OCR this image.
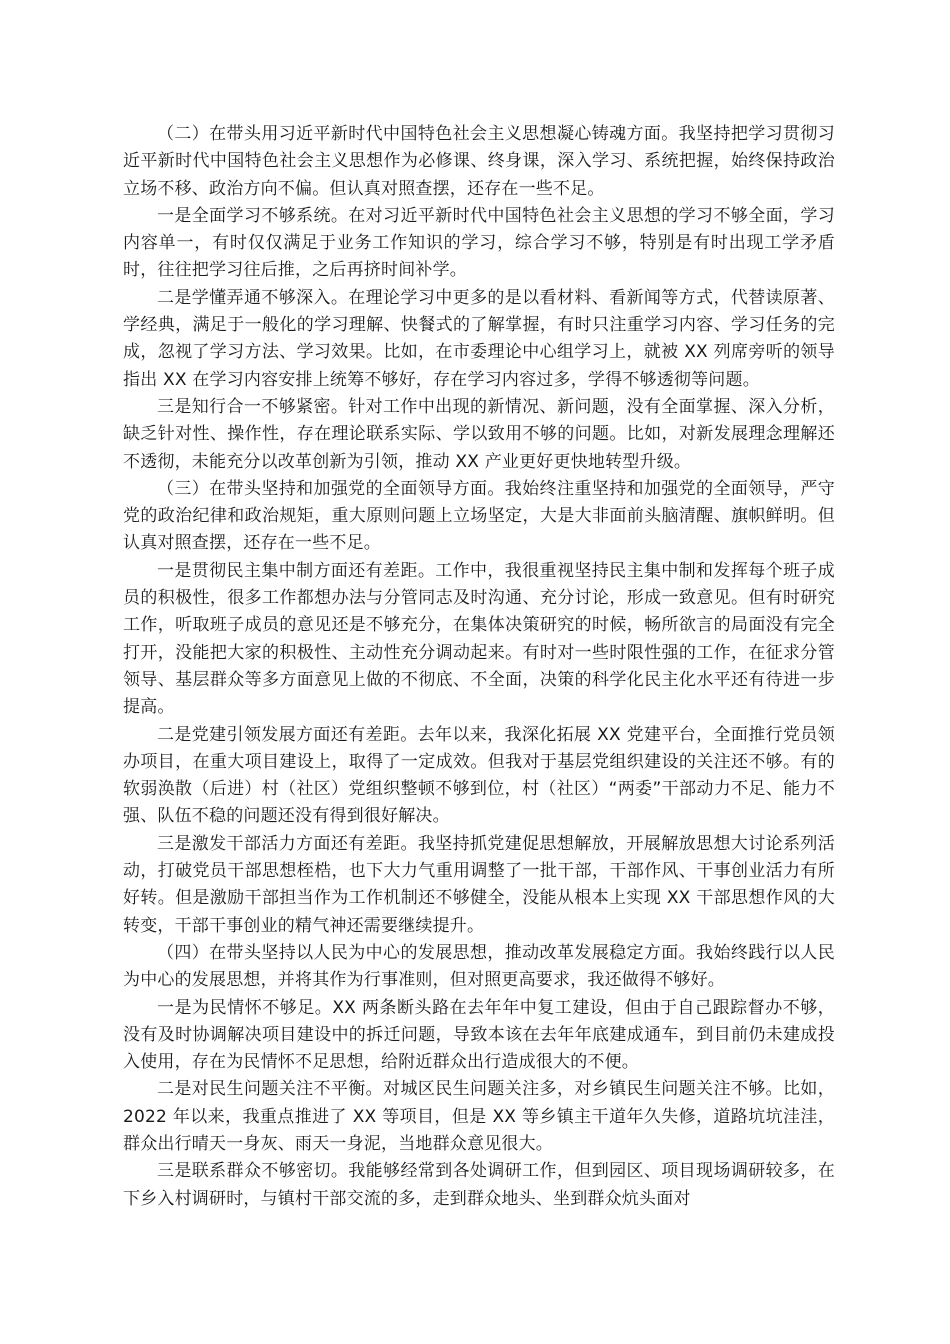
（二）在带头用习近平新时代中国特色社会主义思想凝心铸魂方面。我坚持把学习贯彻习近平新时代中国特色社会主义思想作为必修课、终身课，深入学习、系统把握，始终保持政治立场不移、政治方向不偏。但认真对照查摆，还存在一些不足。

一是全面学习不够系统。在对习近平新时代中国特色社会主义思想的学习不够全面，学习内容单一，有时仅仅满足于业务工作知识的学习，综合学习不够，特别是有时出现工学矛盾时，往往把学习往后推，之后再挤时间补学。

二是学懂弄通不够深入。在理论学习中更多的是以看材料、看新闻等方式，代替读原著、学经典，满足于一般化的学习理解、快餐式的了解掌握，有时只注重学习内容、学习任务的完成，忽视了学习方法、学习效果。比如，在市委理论中心组学习上，就被 XX 列席旁听的领导指出 XX 在学习内容安排上统筹不够好，存在学习内容过多，学得不够透彻等问题。

三是知行合一不够紧密。针对工作中出现的新情况、新问题，没有全面掌握、深入分析，缺乏针对性、操作性，存在理论联系实际、学以致用不够的问题。比如，对新发展理念理解还不透彻，未能充分以改革创新为引领，推动 XX 产业更好更快地转型升级。

（三）在带头坚持和加强党的全面领导方面。我始终注重坚持和加强党的全面领导，严守党的政治纪律和政治规矩，重大原则问题上立场坚定，大是大非面前头脑清醒、旗帜鲜明。但认真对照查摆，还存在一些不足。

一是贯彻民主集中制方面还有差距。工作中，我很重视坚持民主集中制和发挥每个班子成员的积极性，很多工作都想办法与分管同志及时沟通、充分讨论，形成一致意见。但有时研究工作，听取班子成员的意见还是不够充分，在集体决策研究的时候，畅所欲言的局面没有完全打开，没能把大家的积极性、主动性充分调动起来。有时对一些时限性强的工作，在征求分管领导、基层群众等多方面意见上做的不彻底、不全面，决策的科学化民主化水平还有待进一步提高。

二是党建引领发展方面还有差距。去年以来，我深化拓展 XX 党建平台，全面推行党员领办项目，在重大项目建设上，取得了一定成效。但我对于基层党组织建设的关注还不够。有的软弱涣散（后进）村（社区）党组织整顿不够到位，村（社区）“两委”干部动力不足、能力不强、队伍不稳的问题还没有得到很好解决。

三是激发干部活力方面还有差距。我坚持抓党建促思想解放，开展解放思想大讨论系列活动，打破党员干部思想桎梏，也下大力气重用调整了一批干部，干部作风、干事创业活力有所好转。但是激励干部担当作为工作机制还不够健全，没能从根本上实现 XX 干部思想作风的大转变，干部干事创业的精气神还需要继续提升。

（四）在带头坚持以人民为中心的发展思想，推动改革发展稳定方面。我始终践行以人民为中心的发展思想，并将其作为行事准则，但对照更高要求，我还做得不够好。

一是为民情怀不够足。XX 两条断头路在去年年中复工建设，但由于自己跟踪督办不够，没有及时协调解决项目建设中的拆迁问题，导致本该在去年年底建成通车，到目前仍未建成投入使用，存在为民情怀不足思想，给附近群众出行造成很大的不便。

二是对民生问题关注不平衡。对城区民生问题关注多，对乡镇民生问题关注不够。比如，2022 年以来，我重点推进了 XX 等项目，但是 XX 等乡镇主干道年久失修，道路坑坑洼洼，群众出行晴天一身灰、雨天一身泥，当地群众意见很大。

三是联系群众不够密切。我能够经常到各处调研工作，但到园区、项目现场调研较多，在下乡入村调研时，与镇村干部交流的多，走到群众地头、坐到群众炕头面对
